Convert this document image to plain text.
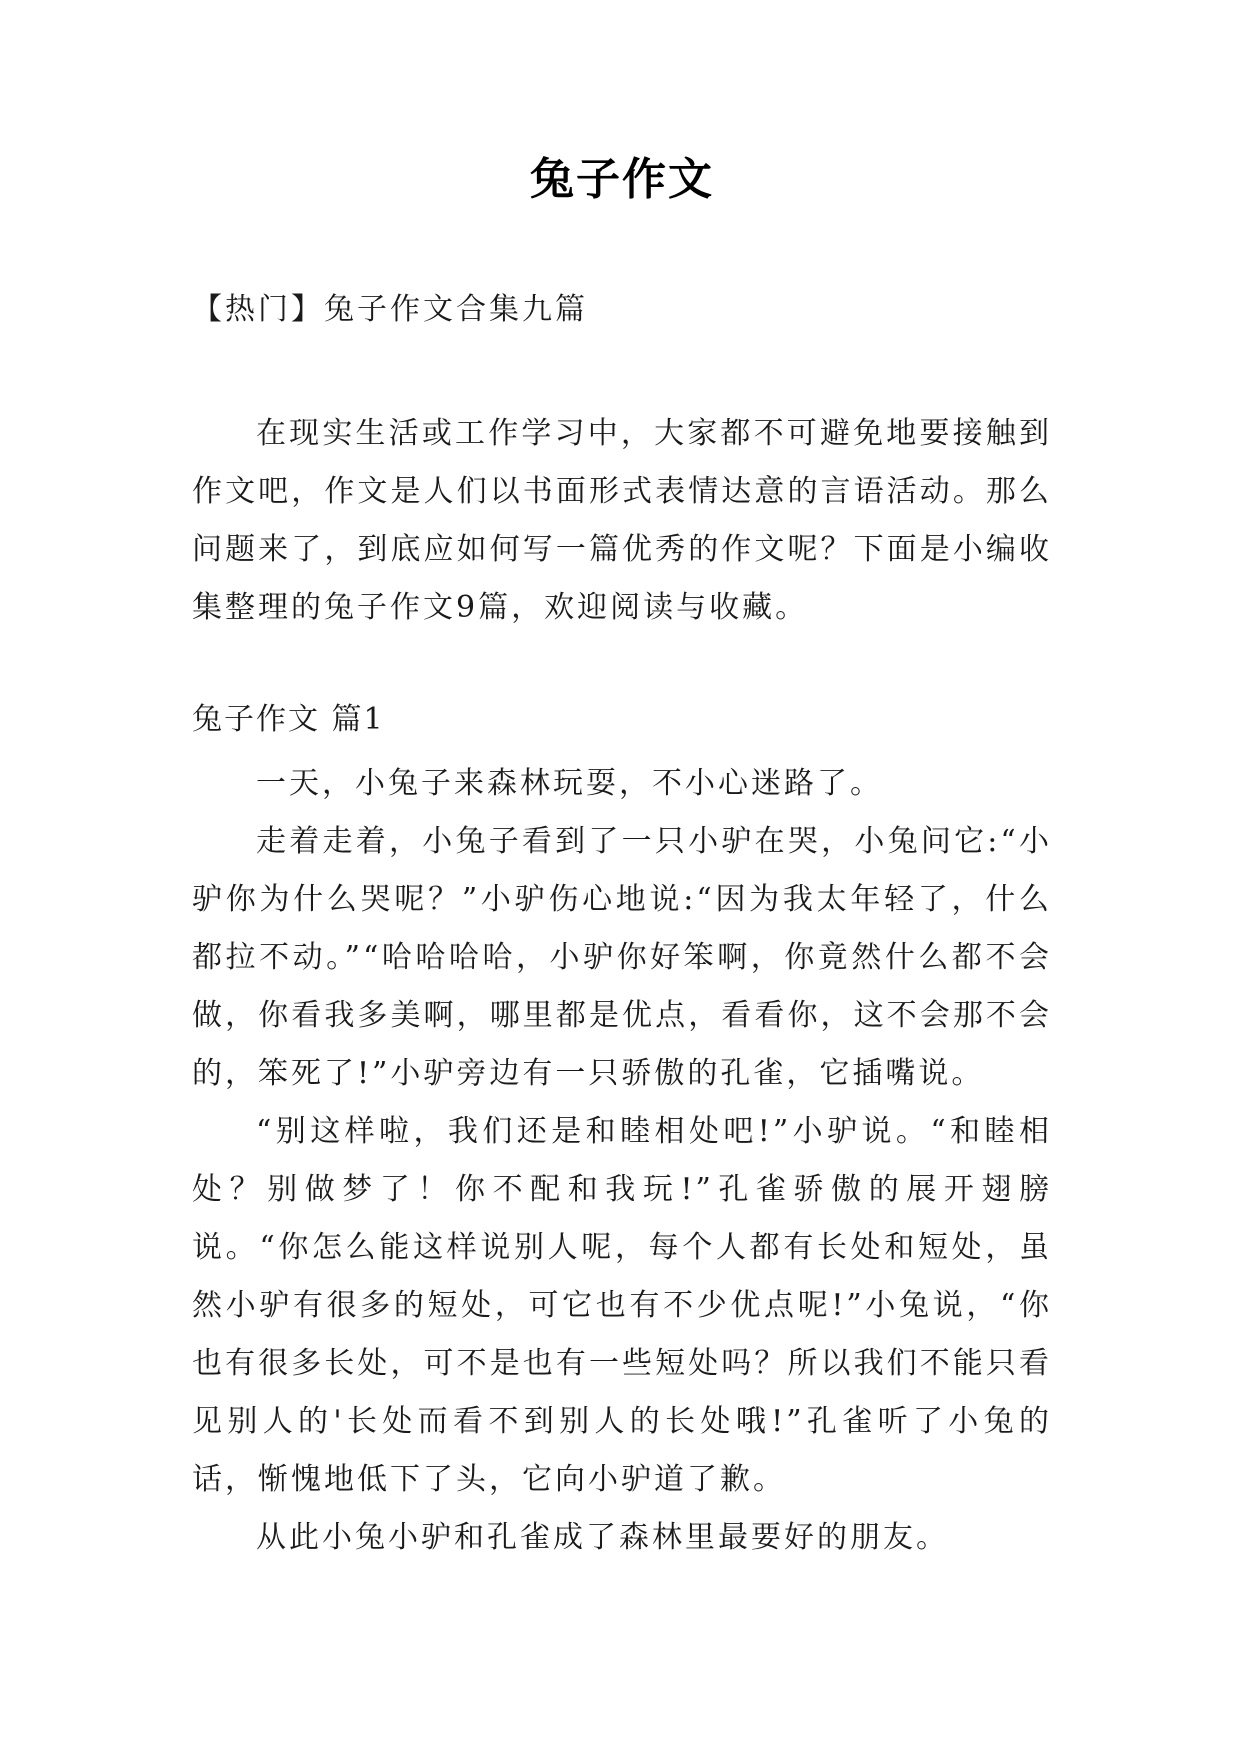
兔子作文
【热门】兔子作文合集九篇

在现实生活或工作学习中，大家都不可避免地要接触到作文吧，作文是人们以书面形式表情达意的言语活动。那么问题来了，到底应如何写一篇优秀的作文呢？下面是小编收集整理的兔子作文9篇，欢迎阅读与收藏。

兔子作文 篇1

一天，小兔子来森林玩耍，不小心迷路了。

走着走着，小兔子看到了一只小驴在哭，小兔问它:“小驴你为什么哭呢？”小驴伤心地说:“因为我太年轻了，什么都拉不动。”“哈哈哈哈，小驴你好笨啊，你竟然什么都不会做，你看我多美啊，哪里都是优点，看看你，这不会那不会的，笨死了!”小驴旁边有一只骄傲的孔雀，它插嘴说。

“别这样啦，我们还是和睦相处吧!”小驴说。“和睦相处？别做梦了！你不配和我玩!”孔雀骄傲的展开翅膀说。“你怎么能这样说别人呢，每个人都有长处和短处，虽然小驴有很多的短处，可它也有不少优点呢!”小兔说，“你也有很多长处，可不是也有一些短处吗？所以我们不能只看见别人的'长处而看不到别人的长处哦!”孔雀听了小兔的话，惭愧地低下了头，它向小驴道了歉。

从此小兔小驴和孔雀成了森林里最要好的朋友。
